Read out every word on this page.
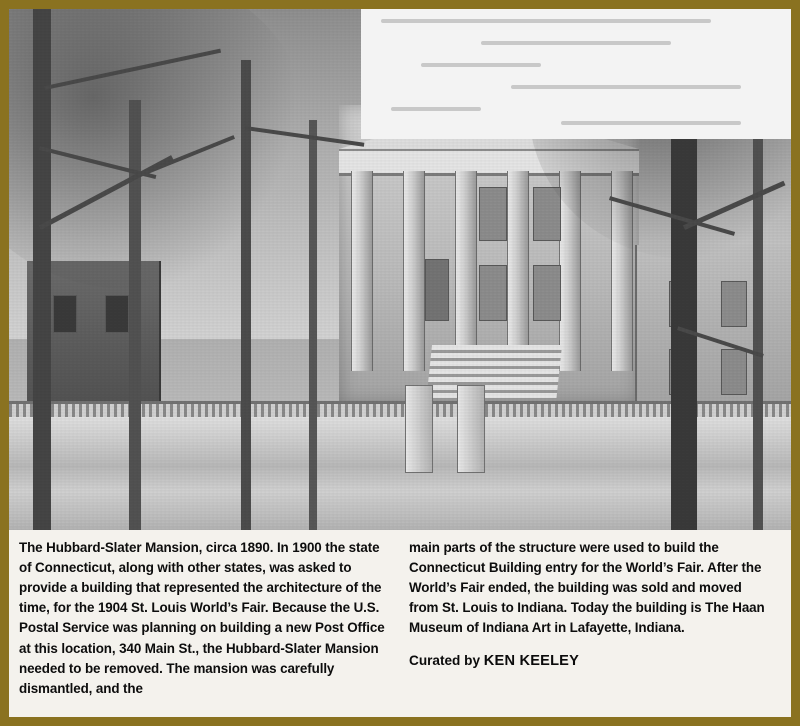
The Hubbard-Slater Mansion, circa 1890. In 1900 the state of Connecticut, along with other states, was asked to provide a building that represented the architecture of the time, for the 1904 St. Louis World’s Fair. Because the U.S. Postal Service was planning on building a new Post Office at this location, 340 Main St., the Hubbard-Slater Mansion needed to be removed. The mansion was carefully dismantled, and the
main parts of the structure were used to build the Connecticut Building entry for the World’s Fair. After the World’s Fair ended, the building was sold and moved from St. Louis to Indiana. Today the building is The Haan Museum of Indiana Art in Lafayette, Indiana.
Curated by KEN KEELEY
